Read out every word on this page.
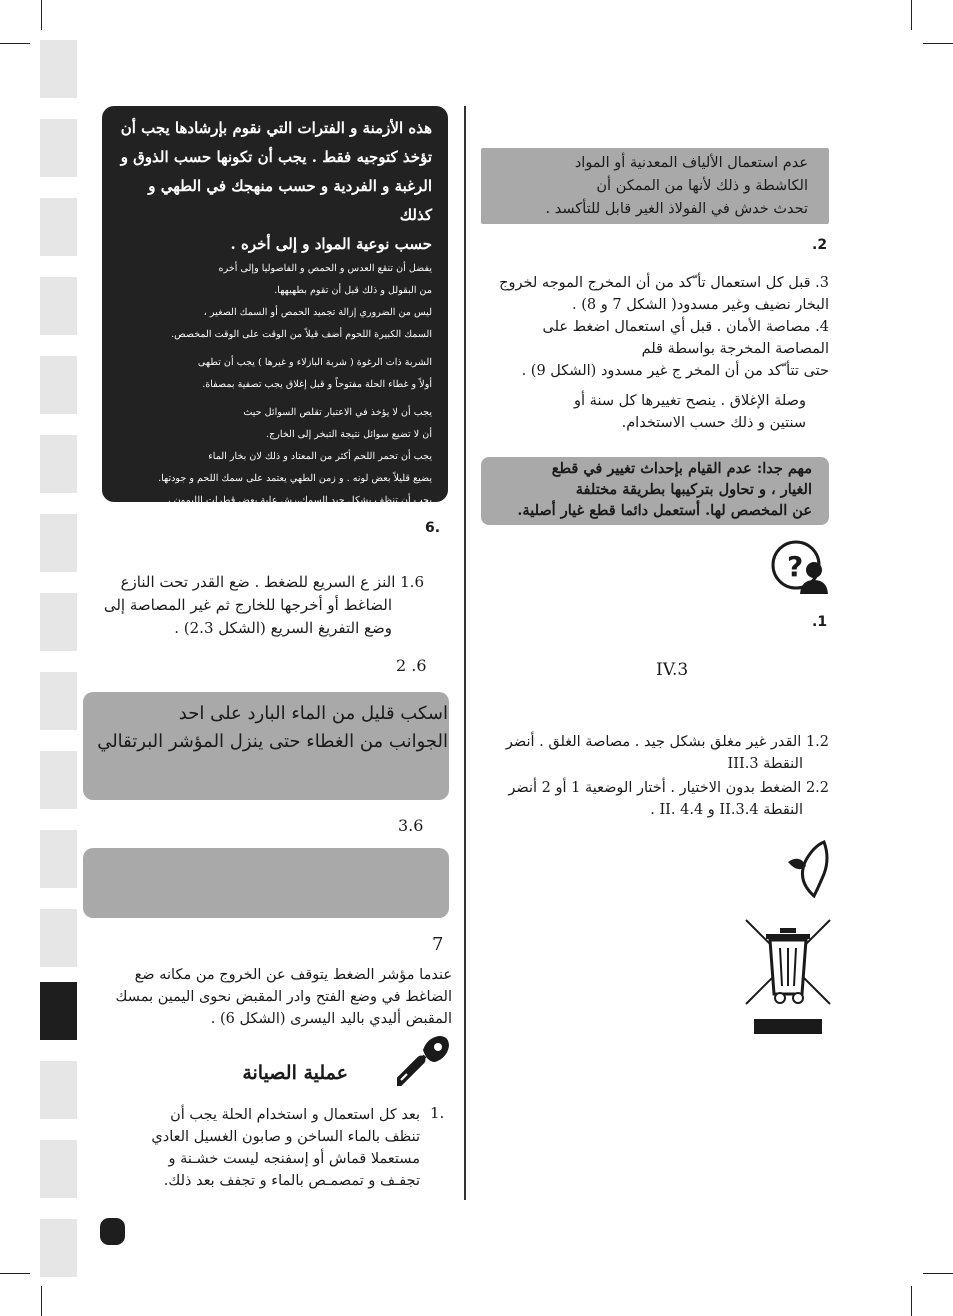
هذه الأزمنة و الفترات التي نقوم بإرشادها يجب أن
تؤخذ كتوجيه فقط . يجب أن تكونها حسب الذوق و
الرغبة و الفردية و حسب منهجك في الطهي و كذلك
حسب نوعية المواد و إلى أخره .
يفضل أن تنقع العدس و الحمص و الفاصوليا وإلى أخره
من البقولل و ذلك قبل أن تقوم بطهيهها.
ليس من الضروري إزالة تجميد الحمص أو السمك الصغير ،
السمك الكبيرة اللحوم أضف قيلاً من الوقت على الوقت المخصص.
الشربة ذات الرغوة ( شربة البازلاء و غيرها ) يجب أن تطهى
أولاً و غطاء الحلة مفتوحاً و قبل إغلاق يجب تصفية بمصفاة.
يجب أن لا يؤخذ في الاعتبار تقلص السوائل حيث
أن لا تضيع سوائل نتيجة التبخر إلى الخارج.
يجب أن تحمر اللحم أكثر من المعتاد و ذلك لان بخار الماء
يضيع قليلاً بعض لونه . و زمن الطهي يعتمد على سمك اللحم و جودتها.
يجب أن تنظف بشكل جيد السمك،رش علية بعض قطرات الليمون ،
و ضع الملح بعد الطهي مباشرة.
6.
1.6 النز ع السريع للضغط . ضع القدر تحت النازع
الضاغط أو أخرجها للخارج ثم غير المصاصة إلى
وضع التفريغ السريع (الشكل 2.3) .
2 .6
اسكب قليل من الماء البارد على احد
الجوانب من الغطاء حتى ينزل المؤشر البرتقالي
3.6
7
عندما مؤشر الضغط يتوقف عن الخروج من مكانه ضع
الضاغط في وضع الفتح وادر المقبض نحوى اليمين بمسك
المقبض أليدي باليد اليسرى (الشكل 6) .
عملية الصيانة
1.
بعد كل استعمال و استخدام الحلة يجب أن
تنظف بالماء الساخن و صابون الغسيل العادي
مستعملا قماش أو إسفنجه ليست خشـنة و
تجفـف و تمصمـص بالماء و تجفف بعد ذلك.
عدم استعمال الألياف المعدنية أو المواد
الكاشطة و ذلك لأنها من الممكن أن
تحدث خدش في الفولاذ الغير قابل للتأكسد .
.2
3. قبل كل استعمال تأ ّكد من أن المخرج الموجه لخروج
البخار نضيف وغير مسدود( الشكل 7 و 8) .
4. مصاصة الأمان . قبل أي استعمال اضغط على
المصاصة المخرجة بواسطة قلم
حتى تتأ ّكد من أن المخر ج غير مسدود (الشكل 9) .
وصلة الإغلاق . ينصح تغييرها كل سنة أو
سنتين و ذلك حسب الاستخدام.
مهم جدا: عدم القيام بإحداث تغيير في قطع
الغيار ، و تحاول بتركيبها بطريقة مختلفة
عن المخصص لها. أستعمل دائما قطع غيار أصلية.
?
.1
IV.3
1.2 القدر غير مغلق بشكل جيد . مصاصة الغلق . أنضر
النقطة 3.III
2.2 الضغط بدون الاختيار . أختار الوضعية 1 أو 2 أنضر
النقطة 3.4.II و 4.4 .II .
